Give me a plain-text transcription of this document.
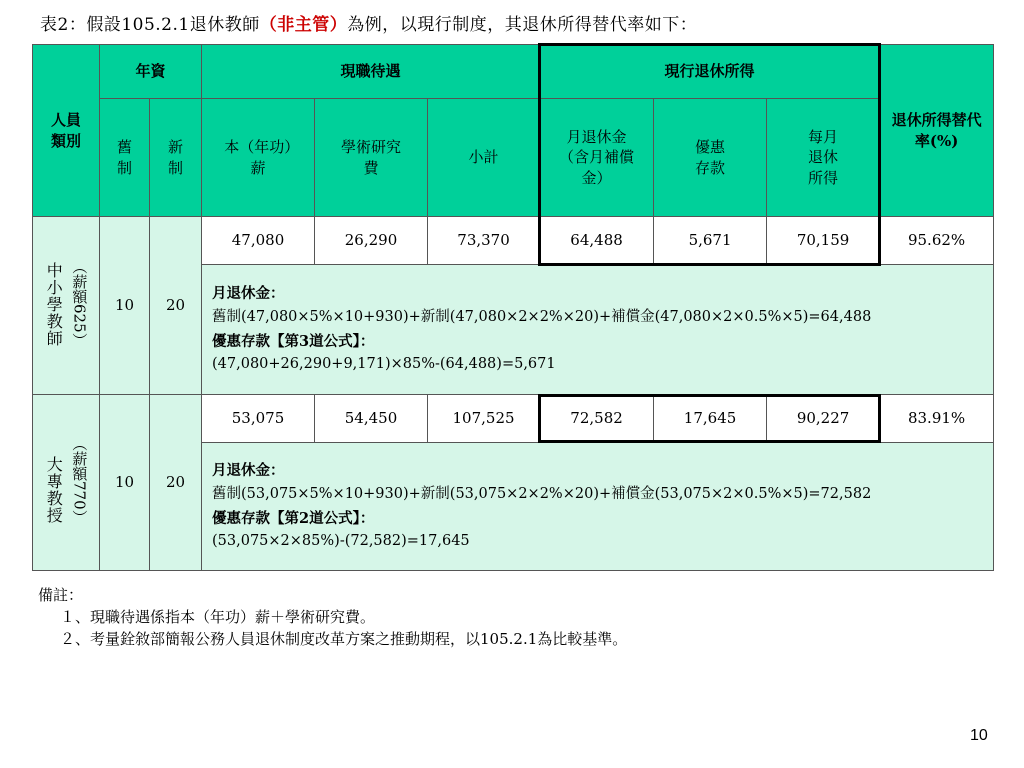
表2：假設105.2.1退休教師（非主管）為例，以現行制度，其退休所得替代率如下：
人員類別	年資		現職待遇			現行退休所得			退休所得替代率(%)
	舊制	新制	本（年功）薪	學術研究費	小計	月退休金（含月補償金）	優惠存款	每月退休所得	
中小學教師 （薪額625）	10	20	47,080	26,290	73,370	64,488	5,671	70,159	95.62%

			月退休金：
舊制(47,080×5%×10+930)+新制(47,080×2×2%×20)+補償金(47,080×2×0.5%×5)=64,488
優惠存款【第3道公式】：
(47,080+26,290+9,171)×85%-(64,488)=5,671						

大專教授 （薪額770）	10	20	53,075	54,450	107,525	72,582	17,645	90,227	83.91%

			月退休金：
舊制(53,075×5%×10+930)+新制(53,075×2×2%×20)+補償金(53,075×2×0.5%×5)=72,582
優惠存款【第2道公式】：
(53,075×2×85%)-(72,582)=17,645						
備註：
１、現職待遇係指本（年功）薪＋學術研究費。
２、考量銓敘部簡報公務人員退休制度改革方案之推動期程，以105.2.1為比較基準。
10
